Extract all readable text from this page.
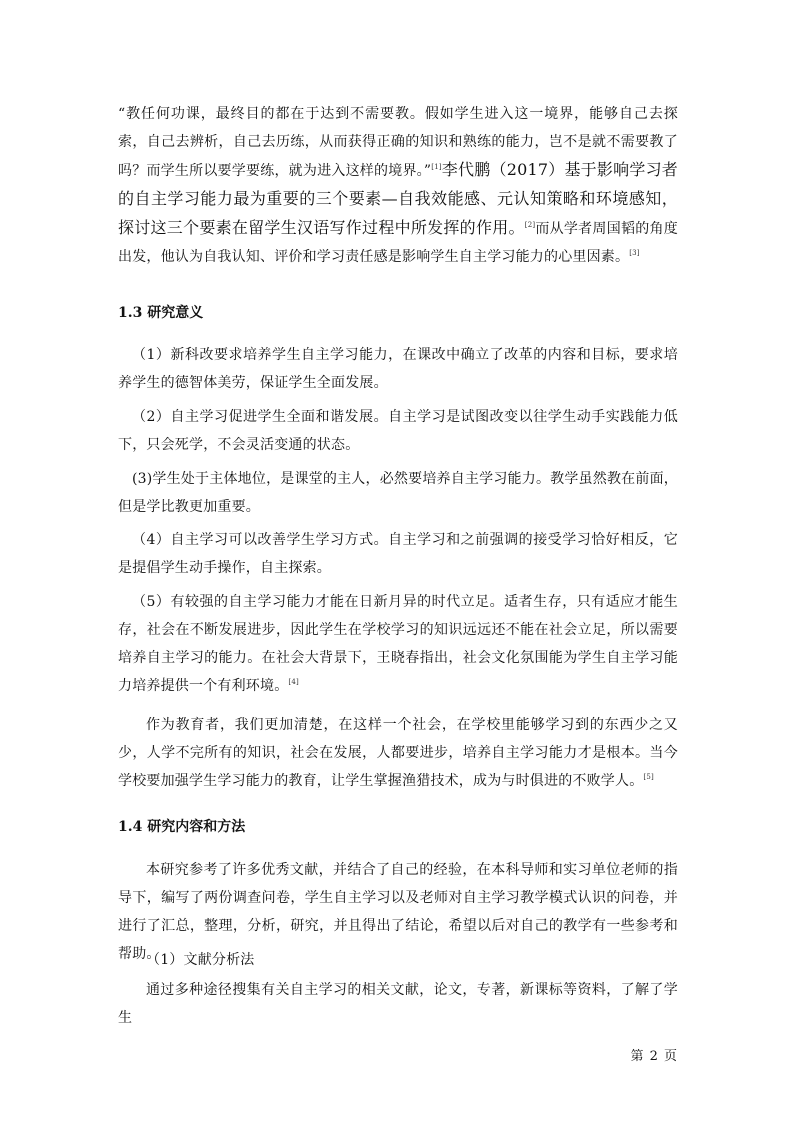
“教任何功课，最终目的都在于达到不需要教。假如学生进入这一境界，能够自己去探索，自己去辨析，自己去历练，从而获得正确的知识和熟练的能力，岂不是就不需要教了吗？而学生所以要学要练，就为进入这样的境界。”[1]李代鹏（2017）基于影响学习者的自主学习能力最为重要的三个要素—自我效能感、元认知策略和环境感知，探讨这三个要素在留学生汉语写作过程中所发挥的作用。[2]而从学者周国韬的角度出发，他认为自我认知、评价和学习责任感是影响学生自主学习能力的心里因素。[3]

1.3 研究意义

（1）新科改要求培养学生自主学习能力，在课改中确立了改革的内容和目标，要求培养学生的德智体美劳，保证学生全面发展。

（2）自主学习促进学生全面和谐发展。自主学习是试图改变以往学生动手实践能力低下，只会死学，不会灵活变通的状态。

(3)学生处于主体地位，是课堂的主人，必然要培养自主学习能力。教学虽然教在前面，但是学比教更加重要。

（4）自主学习可以改善学生学习方式。自主学习和之前强调的接受学习恰好相反，它是提倡学生动手操作，自主探索。

（5）有较强的自主学习能力才能在日新月异的时代立足。适者生存，只有适应才能生存，社会在不断发展进步，因此学生在学校学习的知识远远还不能在社会立足，所以需要培养自主学习的能力。在社会大背景下，王晓春指出，社会文化氛围能为学生自主学习能力培养提供一个有利环境。[4]

作为教育者，我们更加清楚，在这样一个社会，在学校里能够学习到的东西少之又少，人学不完所有的知识，社会在发展，人都要进步，培养自主学习能力才是根本。当今学校要加强学生学习能力的教育，让学生掌握渔猎技术，成为与时俱进的不败学人。[5]

1.4 研究内容和方法

本研究参考了许多优秀文献，并结合了自己的经验，在本科导师和实习单位老师的指导下，编写了两份调查问卷，学生自主学习以及老师对自主学习教学模式认识的问卷，并进行了汇总，整理，分析，研究，并且得出了结论，希望以后对自己的教学有一些参考和帮助。

（1）文献分析法

通过多种途径搜集有关自主学习的相关文献，论文，专著，新课标等资料，了解了学生

第 2 页
